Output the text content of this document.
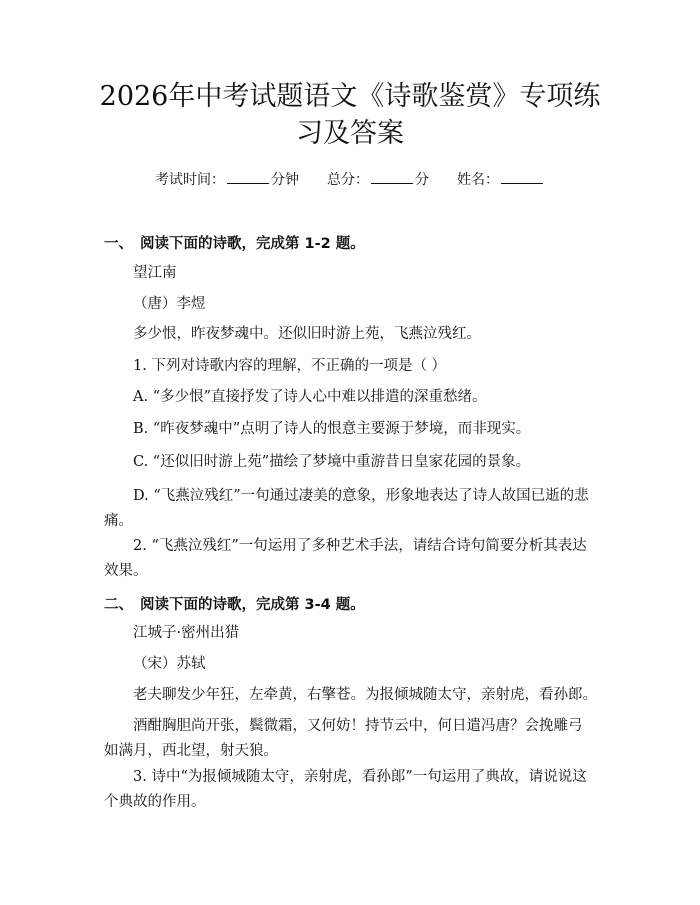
2026年中考试题语文《诗歌鉴赏》专项练习及答案
考试时间：	分钟 总分：	分 姓名：
一、 阅读下面的诗歌，完成第 1-2 题。
望江南
（唐）李煜
多少恨，昨夜梦魂中。还似旧时游上苑，飞燕泣残红。
1. 下列对诗歌内容的理解，不正确的一项是（ ）
A. “多少恨”直接抒发了诗人心中难以排遣的深重愁绪。
B. “昨夜梦魂中”点明了诗人的恨意主要源于梦境，而非现实。
C. “还似旧时游上苑”描绘了梦境中重游昔日皇家花园的景象。
D. “飞燕泣残红”一句通过凄美的意象，形象地表达了诗人故国已逝的悲痛。
2. “飞燕泣残红”一句运用了多种艺术手法，请结合诗句简要分析其表达效果。
二、 阅读下面的诗歌，完成第 3-4 题。
江城子·密州出猎
（宋）苏轼
老夫聊发少年狂，左牵黄，右擎苍。为报倾城随太守，亲射虎，看孙郎。
酒酣胸胆尚开张，鬓微霜，又何妨！持节云中，何日遣冯唐？会挽雕弓如满月，西北望，射天狼。
3. 诗中“为报倾城随太守，亲射虎，看孙郎”一句运用了典故，请说说这个典故的作用。
